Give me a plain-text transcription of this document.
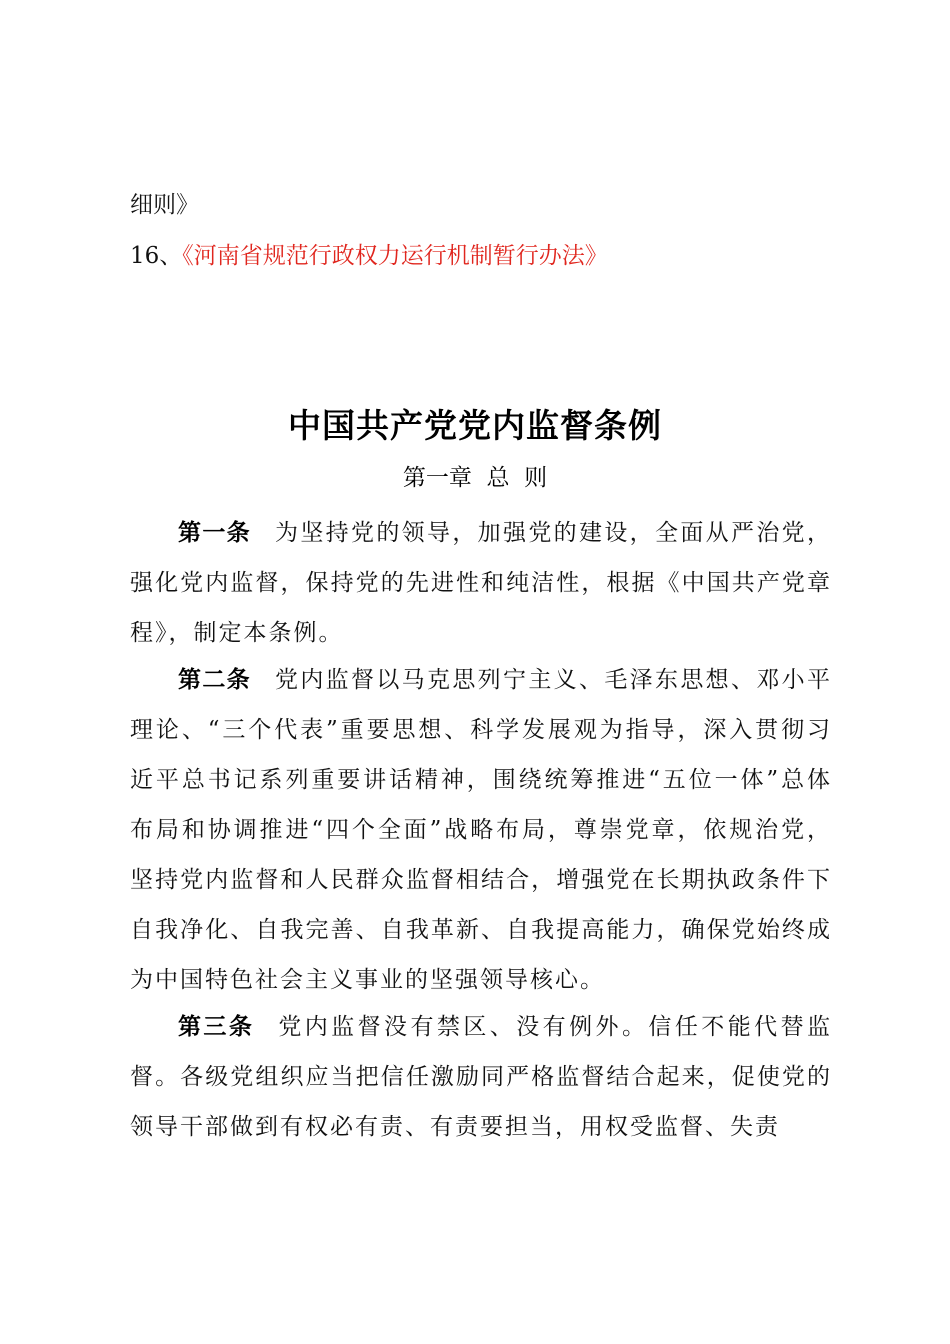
细则》
16、《河南省规范行政权力运行机制暂行办法》
中国共产党党内监督条例
第一章  总  则
第一条 为坚持党的领导，加强党的建设，全面从严治党，强化党内监督，保持党的先进性和纯洁性，根据《中国共产党章程》，制定本条例。
第二条 党内监督以马克思列宁主义、毛泽东思想、邓小平理论、“三个代表”重要思想、科学发展观为指导，深入贯彻习近平总书记系列重要讲话精神，围绕统筹推进“五位一体”总体布局和协调推进“四个全面”战略布局，尊崇党章，依规治党，坚持党内监督和人民群众监督相结合，增强党在长期执政条件下自我净化、自我完善、自我革新、自我提高能力，确保党始终成为中国特色社会主义事业的坚强领导核心。
第三条 党内监督没有禁区、没有例外。信任不能代替监督。各级党组织应当把信任激励同严格监督结合起来，促使党的领导干部做到有权必有责、有责要担当，用权受监督、失责
